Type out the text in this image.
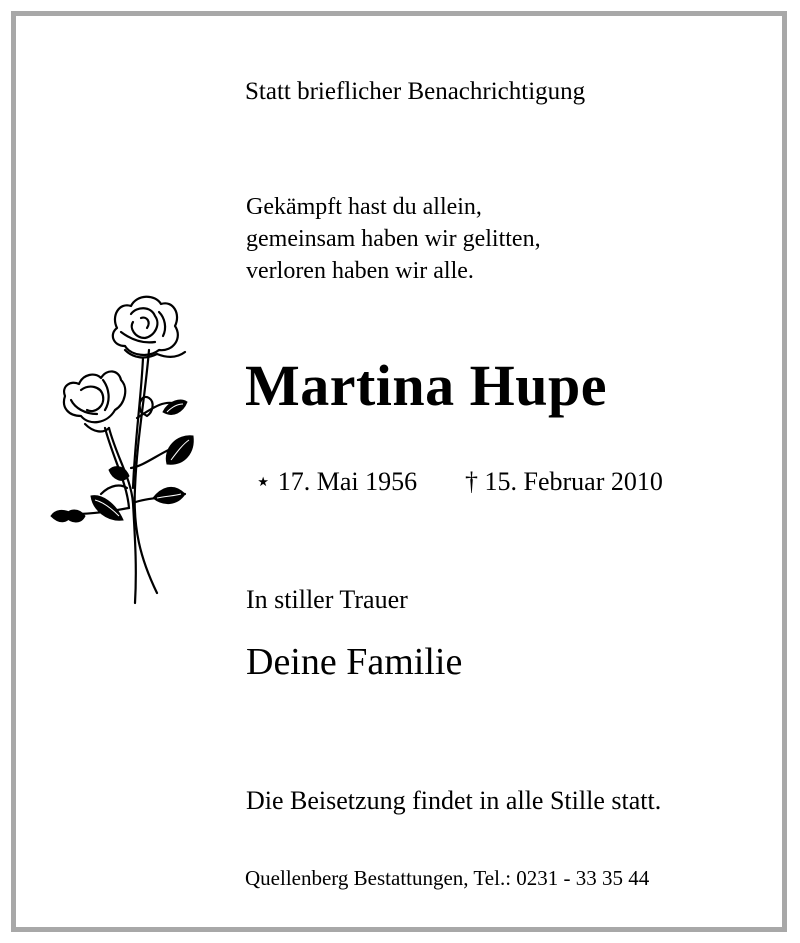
Statt brieflicher Benachrichtigung

Gekämpft hast du allein,
gemeinsam haben wir gelitten,
verloren haben wir alle.

Martina Hupe

⋆ 17. Mai 1956 † 15. Februar 2010

In stiller Trauer

Deine Familie

Die Beisetzung findet in alle Stille statt.

Quellenberg Bestattungen, Tel.: 0231 - 33 35 44
